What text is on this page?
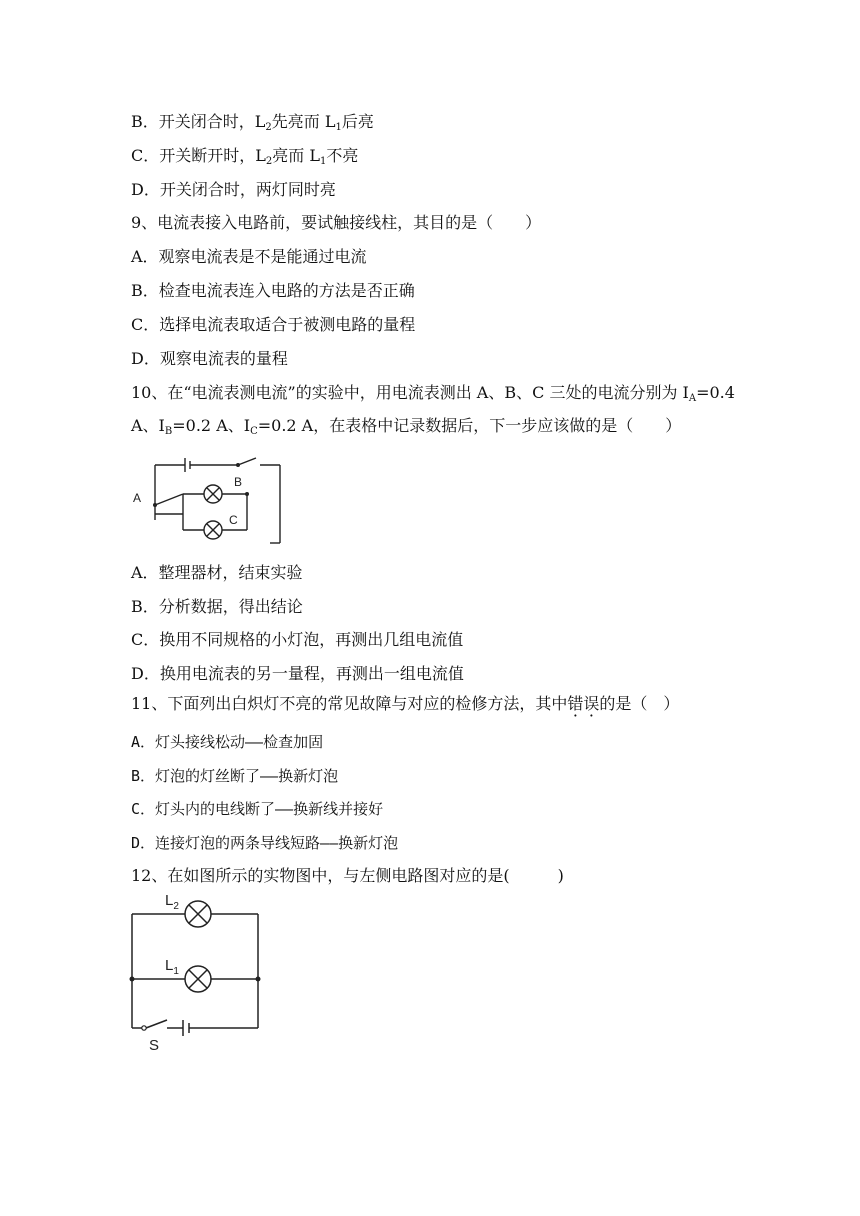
B．开关闭合时，$L_2$先亮而 $L_1$后亮
C．开关断开时，$L_2$亮而 $L_1$不亮
D．开关闭合时，两灯同时亮
9、电流表接入电路前，要试触接线柱，其目的是（　　）
A．观察电流表是不是能通过电流
B．检查电流表连入电路的方法是否正确
C．选择电流表取适合于被测电路的量程
D．观察电流表的量程
10、在“电流表测电流”的实验中，用电流表测出 A、B、C 三处的电流分别为 $I_A=0.4$
A、$I_B=0.2$ A、$I_C=0.2$ A，在表格中记录数据后，下一步应该做的是（　　）
A
B
C
A．整理器材，结束实验
B．分析数据，得出结论
C．换用不同规格的小灯泡，再测出几组电流值
D．换用电流表的另一量程，再测出一组电流值
11、下面列出白炽灯不亮的常见故障与对应的检修方法，其中错误的是（　）
A．灯头接线松动——检查加固
B．灯泡的灯丝断了——换新灯泡
C．灯头内的电线断了——换新线并接好
D．连接灯泡的两条导线短路——换新灯泡
12、在如图所示的实物图中，与左侧电路图对应的是(　　　)
$L_2$
$L_1$
S
